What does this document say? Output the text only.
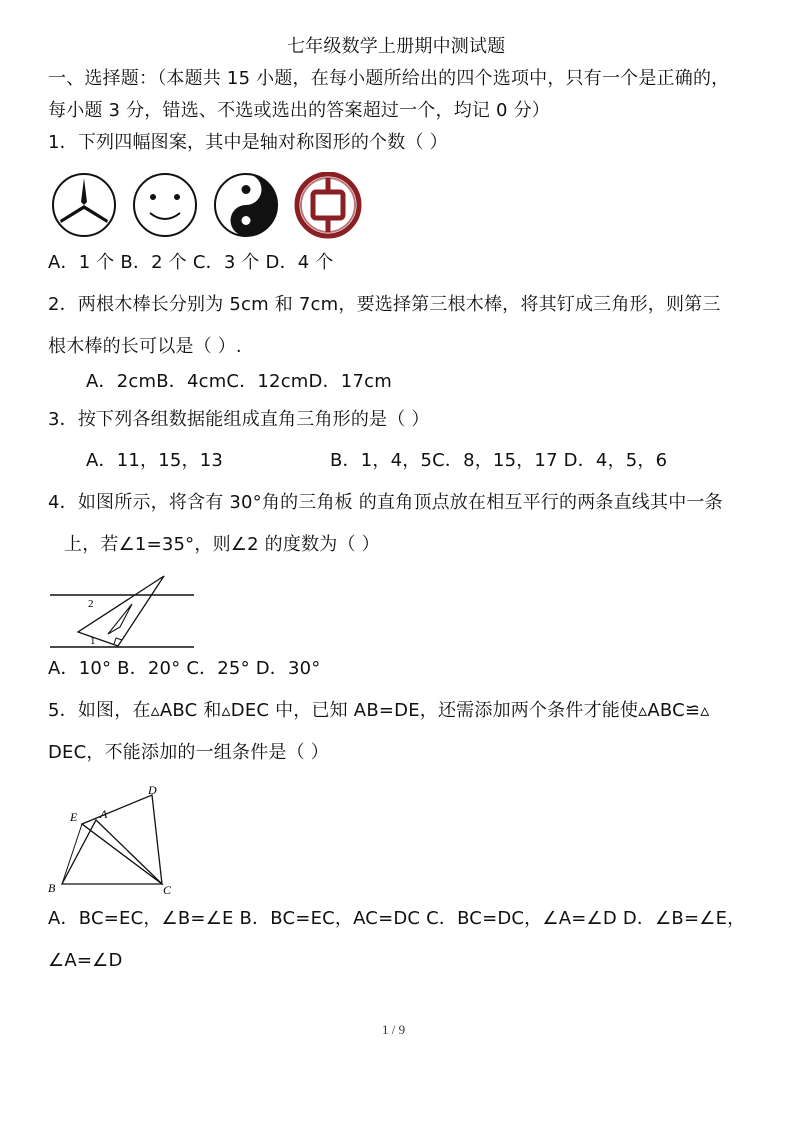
七年级数学上册期中测试题
一、选择题：（本题共 15 小题，在每小题所给出的四个选项中，只有一个是正确的，
每小题 3 分，错选、不选或选出的答案超过一个，均记 0 分）
1．下列四幅图案，其中是轴对称图形的个数（ ）
A．1 个 B．2 个 C．3 个 D．4 个
2．两根木棒长分别为 5cm 和 7cm，要选择第三根木棒，将其钉成三角形，则第三
根木棒的长可以是（ ）.
A．2cmB．4cmC．12cmD．17cm
3．按下列各组数据能组成直角三角形的是（ ）
A．11，15，13	B．1，4，5C．8，15，17 D．4，5，6
4．如图所示，将含有 30°角的三角板 的直角顶点放在相互平行的两条直线其中一条
上，若∠1=35°，则∠2 的度数为（ ）
2
1
A．10° B．20° C．25° D．30°
5．如图，在▵ABC 和▵DEC 中，已知 AB=DE，还需添加两个条件才能使▵ABC≌▵
DEC，不能添加的一组条件是（ ）
E A
D
B	C
A．BC=EC，∠B=∠E B．BC=EC，AC=DC C．BC=DC，∠A=∠D D．∠B=∠E，
∠A=∠D
1 / 9
